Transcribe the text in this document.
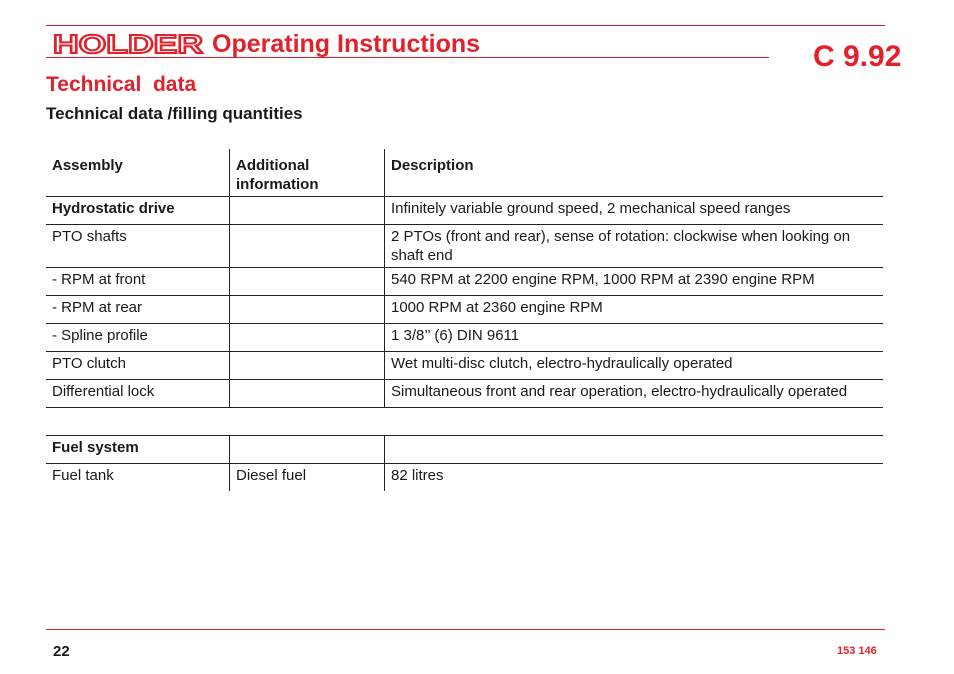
HOLDER Operating Instructions	C 9.92
Technical  data
Technical data /filling quantities
Assembly	Additional information	Description
Hydrostatic drive		Infinitely variable ground speed, 2 mechanical speed ranges
PTO shafts		2 PTOs (front and rear), sense of rotation: clockwise when looking on shaft end
- RPM at front		540 RPM at 2200 engine RPM, 1000 RPM at 2390 engine RPM
- RPM at rear		1000 RPM at 2360 engine RPM
- Spline profile		1 3/8’’ (6) DIN 9611
PTO clutch		Wet multi-disc clutch, electro-hydraulically operated
Differential lock		Simultaneous front and rear operation, electro-hydraulically operated

Fuel system		
Fuel tank	Diesel fuel	82 litres
22	153 146
